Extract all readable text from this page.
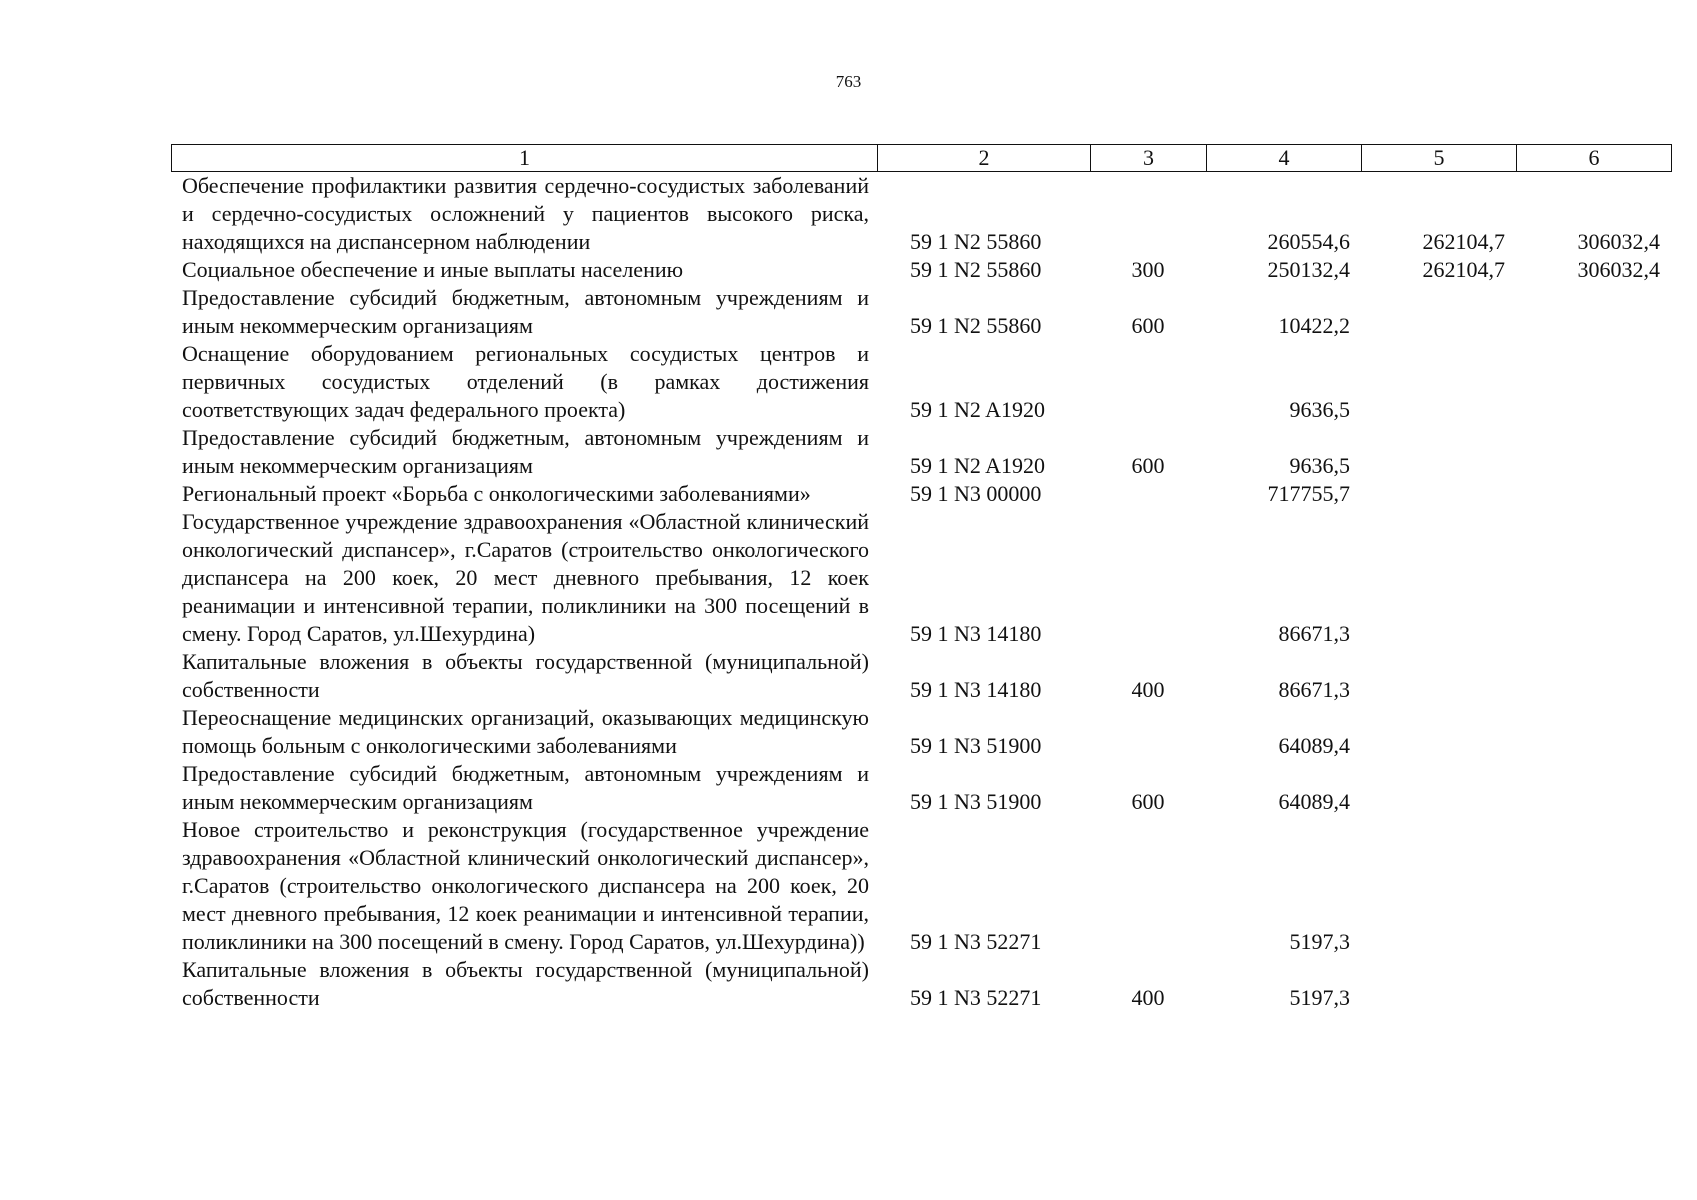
763
1	2	3	4	5	6
Обеспечение профилактики развития сердечно-сосудистых заболеваний и сердечно-сосудистых осложнений у пациентов высокого риска, находящихся на диспансерном наблюдении	59 1 N2 55860		260554,6	262104,7	306032,4
Социальное обеспечение и иные выплаты населению	59 1 N2 55860	300	250132,4	262104,7	306032,4
Предоставление субсидий бюджетным, автономным учреждениям и иным некоммерческим организациям	59 1 N2 55860	600	10422,2		
Оснащение оборудованием региональных сосудистых центров и первичных сосудистых отделений (в рамках достижения соответствующих задач федерального проекта)	59 1 N2 A1920		9636,5		
Предоставление субсидий бюджетным, автономным учреждениям и иным некоммерческим организациям	59 1 N2 A1920	600	9636,5		
Региональный проект «Борьба с онкологическими заболеваниями»	59 1 N3 00000		717755,7		
Государственное учреждение здравоохранения «Областной клинический онкологический диспансер», г.Саратов (строительство онкологического диспансера на 200 коек, 20 мест дневного пребывания, 12 коек реанимации и интенсивной терапии, поликлиники на 300 посещений в смену. Город Саратов, ул.Шехурдина)	59 1 N3 14180		86671,3		
Капитальные вложения в объекты государственной (муниципальной) собственности	59 1 N3 14180	400	86671,3		
Переоснащение медицинских организаций, оказывающих медицинскую помощь больным с онкологическими заболеваниями	59 1 N3 51900		64089,4		
Предоставление субсидий бюджетным, автономным учреждениям и иным некоммерческим организациям	59 1 N3 51900	600	64089,4		
Новое строительство и реконструкция (государственное учреждение здравоохранения «Областной клинический онкологический диспансер», г.Саратов (строительство онкологического диспансера на 200 коек, 20 мест дневного пребывания, 12 коек реанимации и интенсивной терапии, поликлиники на 300 посещений в смену. Город Саратов, ул.Шехурдина))	59 1 N3 52271		5197,3		
Капитальные вложения в объекты государственной (муниципальной) собственности	59 1 N3 52271	400	5197,3		
